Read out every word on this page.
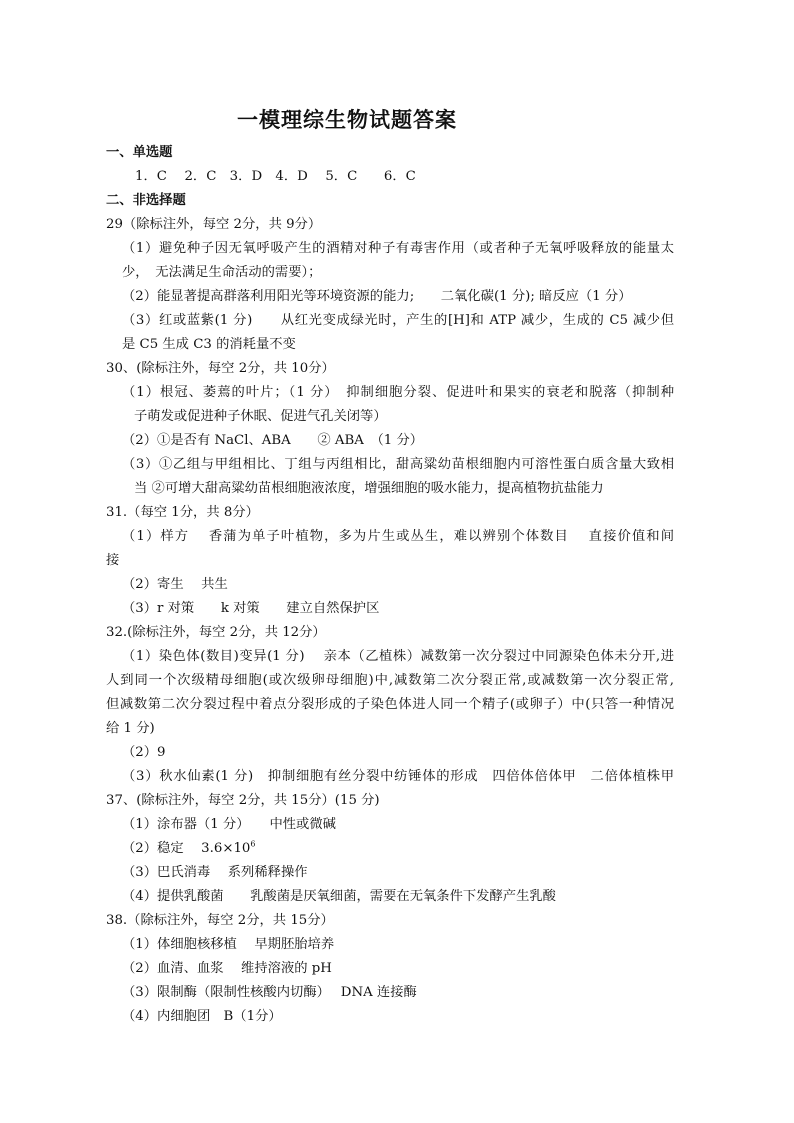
一模理综生物试题答案
一、单选题
1．C　 2．C　3．D　4．D　 5．C　　6．C
二、非选择题
29（除标注外，每空 2分，共 9分）
（1）避免种子因无氧呼吸产生的酒精对种子有毒害作用（或者种子无氧呼吸释放的能量太
少，　无法满足生命活动的需要）；
（2）能显著提高群落利用阳光等环境资源的能力;　　二氧化碳(1 分); 暗反应（1 分）
（3）红或蓝紫(1 分)　　从红光变成绿光时，产生的[H]和 ATP 减少，生成的 C5 减少但
是 C5 生成 C3 的消耗量不变
30、(除标注外，每空 2分，共 10分）
（1）根冠、萎蔫的叶片；（1 分）　抑制细胞分裂、促进叶和果实的衰老和脱落（抑制种
子萌发或促进种子休眠、促进气孔关闭等）
（2）①是否有 NaCl、ABA　　② ABA　（1 分）
（3）①乙组与甲组相比、丁组与丙组相比，甜高粱幼苗根细胞内可溶性蛋白质含量大致相
当 ②可增大甜高粱幼苗根细胞液浓度，增强细胞的吸水能力，提高植物抗盐能力
31.（每空 1分，共 8分）
（1）样方　 香蒲为单子叶植物，多为片生或丛生，难以辨别个体数目　 直接价值和间
接
（2）寄生　 共生
（3）r 对策　　k 对策　　建立自然保护区
32.(除标注外，每空 2分，共 12分）
（1）染色体(数目)变异(1 分)　 亲本（乙植株）减数第一次分裂过中同源染色体未分开,进
人到同一个次级精母细胞(或次级卵母细胞)中,减数第二次分裂正常,或减数第一次分裂正常,
但减数第二次分裂过程中着点分裂形成的子染色体进人同一个精子(或卵子）中(只答一种情况
给 1 分)
（2）9
（3）秋水仙素(1 分)　抑制细胞有丝分裂中纺锤体的形成　四倍体倍体甲　二倍体植株甲
37、(除标注外，每空 2分，共 15分）(15 分)
（1）涂布器（1 分）　　中性或微碱
（2）稳定　 $3.6\times 10^6$
（3）巴氏消毒　 系列稀释操作
（4）提供乳酸菌　　乳酸菌是厌氧细菌，需要在无氧条件下发酵产生乳酸
38.（除标注外，每空 2分，共 15分）
（1）体细胞核移植　 早期胚胎培养
（2）血清、血浆　 维持溶液的 pH
（3）限制酶（限制性核酸内切酶）　 DNA 连接酶
（4）内细胞团　B（1分）
